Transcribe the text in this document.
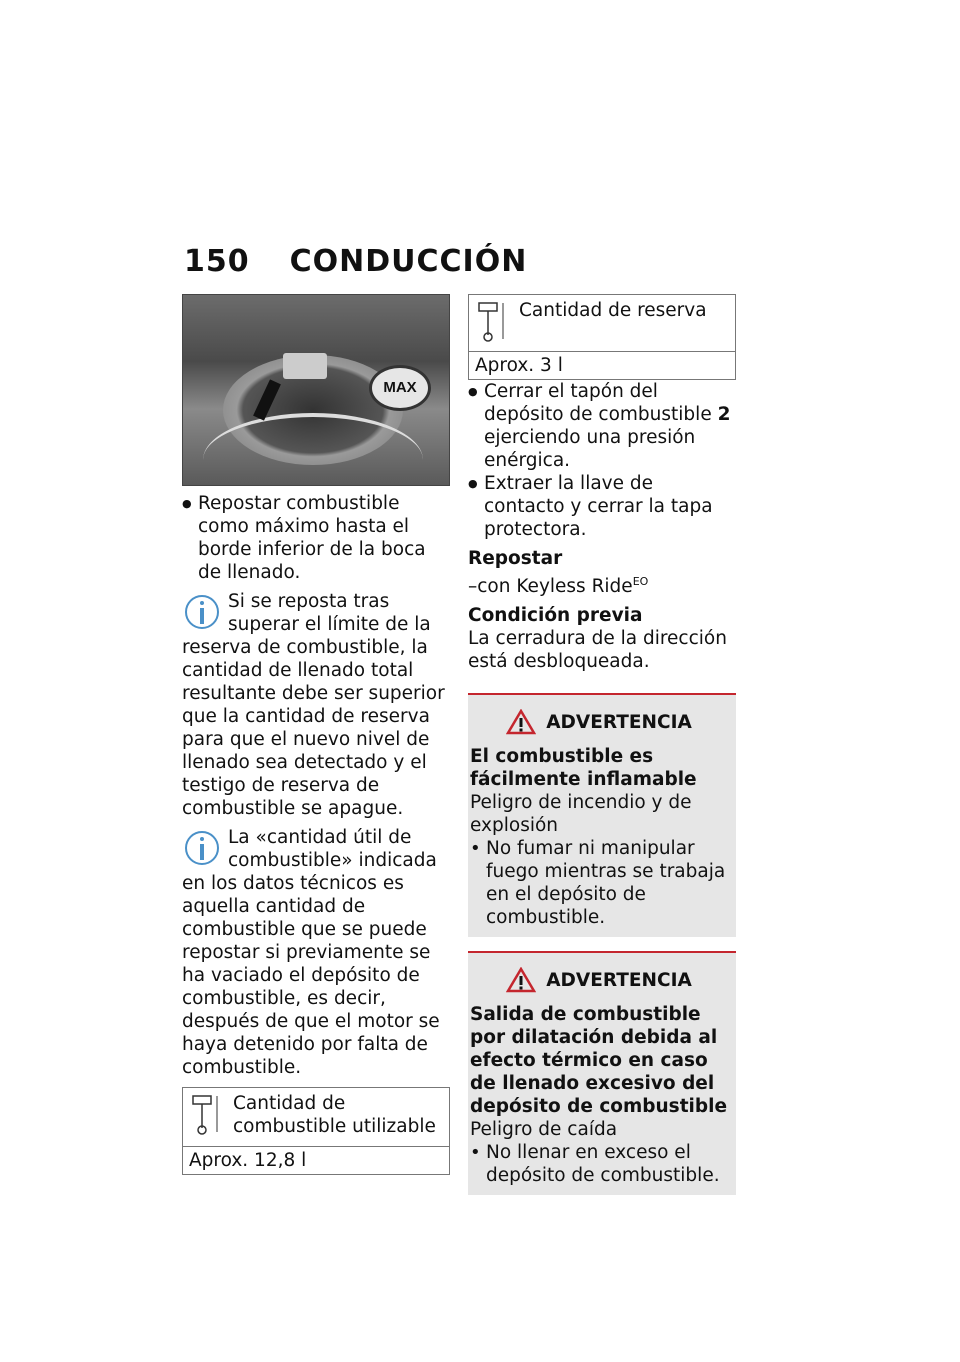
150 CONDUCCIÓN
MAX

● Repostar combustible como máximo hasta el borde inferior de la boca de llenado.

Si se reposta tras superar el límite de la reserva de combustible, la cantidad de llenado total resultante debe ser superior que la cantidad de reserva para que el nuevo nivel de llenado sea detectado y el testigo de reserva de combustible se apague.

La «cantidad útil de combustible» indicada en los datos técnicos es aquella cantidad de combustible que se puede repostar si previamente se ha vaciado el depósito de combustible, es decir, después de que el motor se haya detenido por falta de combustible.

Cantidad de combustible utilizable
Aprox. 12,8 l
Cantidad de reserva
Aprox. 3 l

● Cerrar el tapón del depósito de combustible 2 ejerciendo una presión enérgica.

● Extraer la llave de contacto y cerrar la tapa protectora.

Repostar

–con Keyless Ride$^{EO}$

Condición previa

La cerradura de la dirección está desbloqueada.

ADVERTENCIA

El combustible es fácilmente inflamable

Peligro de incendio y de explosión

• No fumar ni manipular fuego mientras se trabaja en el depósito de combustible.

ADVERTENCIA

Salida de combustible por dilatación debida al efecto térmico en caso de llenado excesivo del depósito de combustible

Peligro de caída

• No llenar en exceso el depósito de combustible.
